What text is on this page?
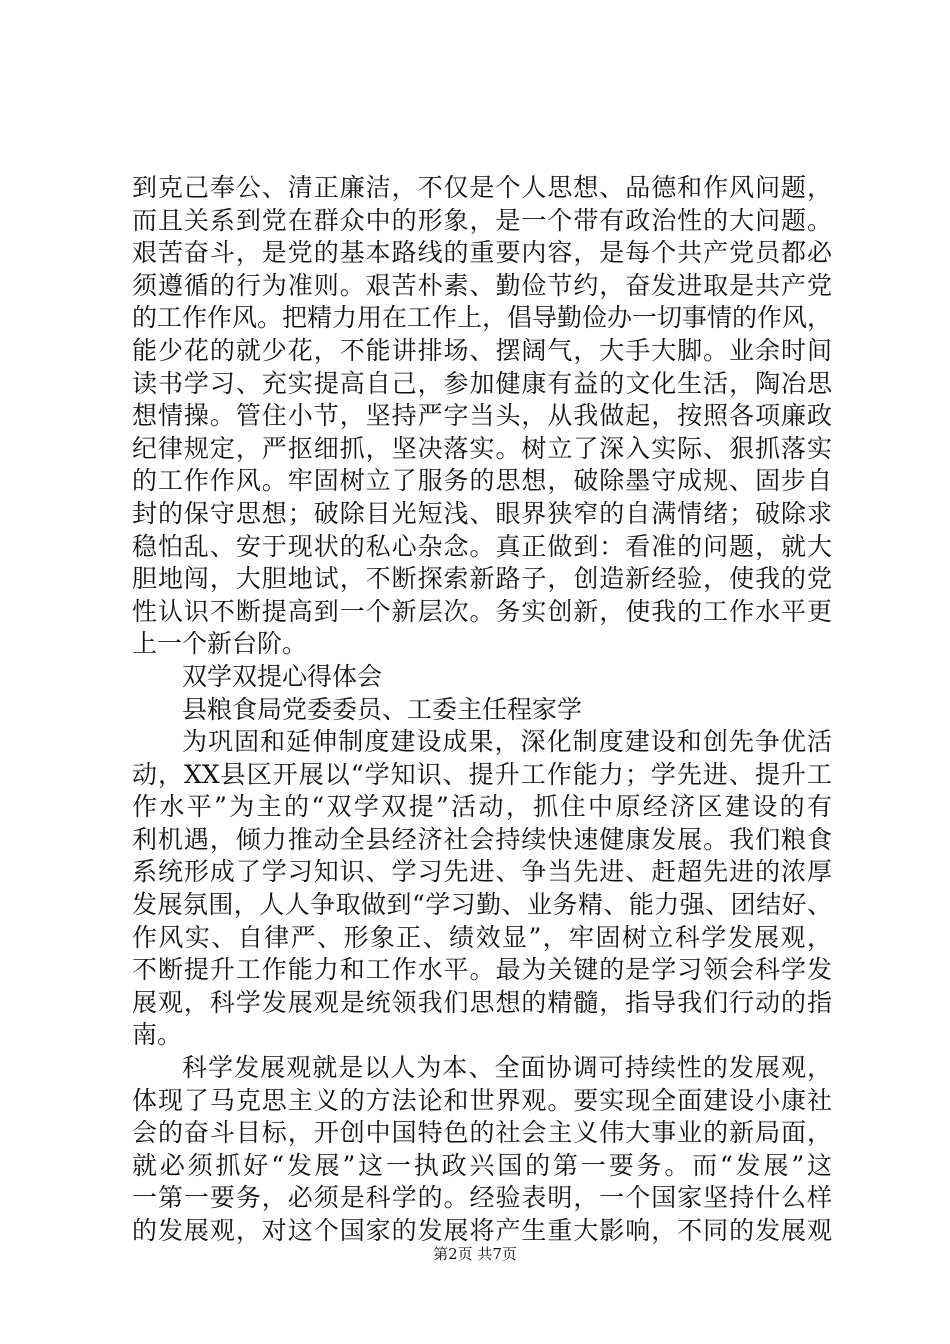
到克己奉公、清正廉洁，不仅是个人思想、品德和作风问题，
而且关系到党在群众中的形象，是一个带有政治性的大问题。
艰苦奋斗，是党的基本路线的重要内容，是每个共产党员都必
须遵循的行为准则。艰苦朴素、勤俭节约，奋发进取是共产党
的工作作风。把精力用在工作上，倡导勤俭办一切事情的作风，
能少花的就少花，不能讲排场、摆阔气，大手大脚。业余时间
读书学习、充实提高自己，参加健康有益的文化生活，陶冶思
想情操。管住小节，坚持严字当头，从我做起，按照各项廉政
纪律规定，严抠细抓，坚决落实。树立了深入实际、狠抓落实
的工作作风。牢固树立了服务的思想，破除墨守成规、固步自
封的保守思想；破除目光短浅、眼界狭窄的自满情绪；破除求
稳怕乱、安于现状的私心杂念。真正做到：看准的问题，就大
胆地闯，大胆地试，不断探索新路子，创造新经验，使我的党
性认识不断提高到一个新层次。务实创新，使我的工作水平更
上一个新台阶。
双学双提心得体会
县粮食局党委委员、工委主任程家学
为巩固和延伸制度建设成果，深化制度建设和创先争优活
动，XX县区开展以“学知识、提升工作能力；学先进、提升工
作水平”为主的“双学双提”活动，抓住中原经济区建设的有
利机遇，倾力推动全县经济社会持续快速健康发展。我们粮食
系统形成了学习知识、学习先进、争当先进、赶超先进的浓厚
发展氛围，人人争取做到“学习勤、业务精、能力强、团结好、
作风实、自律严、形象正、绩效显”，牢固树立科学发展观，
不断提升工作能力和工作水平。最为关键的是学习领会科学发
展观，科学发展观是统领我们思想的精髓，指导我们行动的指
南。
科学发展观就是以人为本、全面协调可持续性的发展观，
体现了马克思主义的方法论和世界观。要实现全面建设小康社
会的奋斗目标，开创中国特色的社会主义伟大事业的新局面，
就必须抓好“发展”这一执政兴国的第一要务。而“发展”这
一第一要务，必须是科学的。经验表明，一个国家坚持什么样
的发展观，对这个国家的发展将产生重大影响，不同的发展观
第2页 共7页
